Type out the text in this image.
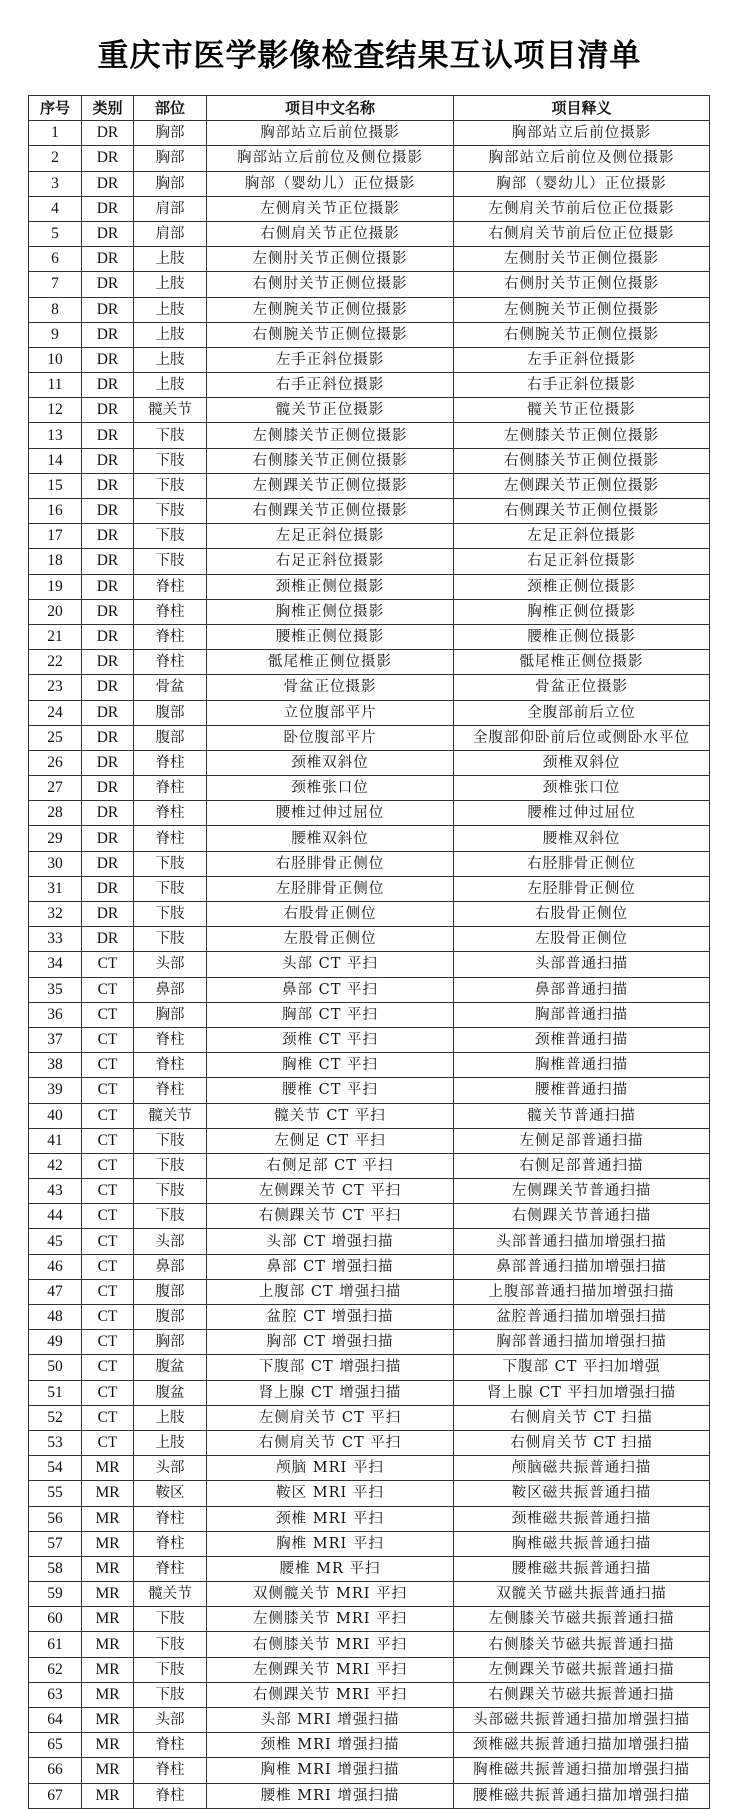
重庆市医学影像检查结果互认项目清单
序号	类别	部位	项目中文名称	项目释义
1	DR	胸部	胸部站立后前位摄影	胸部站立后前位摄影
2	DR	胸部	胸部站立后前位及侧位摄影	胸部站立后前位及侧位摄影
3	DR	胸部	胸部（婴幼儿）正位摄影	胸部（婴幼儿）正位摄影
4	DR	肩部	左侧肩关节正位摄影	左侧肩关节前后位正位摄影
5	DR	肩部	右侧肩关节正位摄影	右侧肩关节前后位正位摄影
6	DR	上肢	左侧肘关节正侧位摄影	左侧肘关节正侧位摄影
7	DR	上肢	右侧肘关节正侧位摄影	右侧肘关节正侧位摄影
8	DR	上肢	左侧腕关节正侧位摄影	左侧腕关节正侧位摄影
9	DR	上肢	右侧腕关节正侧位摄影	右侧腕关节正侧位摄影
10	DR	上肢	左手正斜位摄影	左手正斜位摄影
11	DR	上肢	右手正斜位摄影	右手正斜位摄影
12	DR	髋关节	髋关节正位摄影	髋关节正位摄影
13	DR	下肢	左侧膝关节正侧位摄影	左侧膝关节正侧位摄影
14	DR	下肢	右侧膝关节正侧位摄影	右侧膝关节正侧位摄影
15	DR	下肢	左侧踝关节正侧位摄影	左侧踝关节正侧位摄影
16	DR	下肢	右侧踝关节正侧位摄影	右侧踝关节正侧位摄影
17	DR	下肢	左足正斜位摄影	左足正斜位摄影
18	DR	下肢	右足正斜位摄影	右足正斜位摄影
19	DR	脊柱	颈椎正侧位摄影	颈椎正侧位摄影
20	DR	脊柱	胸椎正侧位摄影	胸椎正侧位摄影
21	DR	脊柱	腰椎正侧位摄影	腰椎正侧位摄影
22	DR	脊柱	骶尾椎正侧位摄影	骶尾椎正侧位摄影
23	DR	骨盆	骨盆正位摄影	骨盆正位摄影
24	DR	腹部	立位腹部平片	全腹部前后立位
25	DR	腹部	卧位腹部平片	全腹部仰卧前后位或侧卧水平位
26	DR	脊柱	颈椎双斜位	颈椎双斜位
27	DR	脊柱	颈椎张口位	颈椎张口位
28	DR	脊柱	腰椎过伸过屈位	腰椎过伸过屈位
29	DR	脊柱	腰椎双斜位	腰椎双斜位
30	DR	下肢	右胫腓骨正侧位	右胫腓骨正侧位
31	DR	下肢	左胫腓骨正侧位	左胫腓骨正侧位
32	DR	下肢	右股骨正侧位	右股骨正侧位
33	DR	下肢	左股骨正侧位	左股骨正侧位
34	CT	头部	头部 CT 平扫	头部普通扫描
35	CT	鼻部	鼻部 CT 平扫	鼻部普通扫描
36	CT	胸部	胸部 CT 平扫	胸部普通扫描
37	CT	脊柱	颈椎 CT 平扫	颈椎普通扫描
38	CT	脊柱	胸椎 CT 平扫	胸椎普通扫描
39	CT	脊柱	腰椎 CT 平扫	腰椎普通扫描
40	CT	髋关节	髋关节 CT 平扫	髋关节普通扫描
41	CT	下肢	左侧足 CT 平扫	左侧足部普通扫描
42	CT	下肢	右侧足部 CT 平扫	右侧足部普通扫描
43	CT	下肢	左侧踝关节 CT 平扫	左侧踝关节普通扫描
44	CT	下肢	右侧踝关节 CT 平扫	右侧踝关节普通扫描
45	CT	头部	头部 CT 增强扫描	头部普通扫描加增强扫描
46	CT	鼻部	鼻部 CT 增强扫描	鼻部普通扫描加增强扫描
47	CT	腹部	上腹部 CT 增强扫描	上腹部普通扫描加增强扫描
48	CT	腹部	盆腔 CT 增强扫描	盆腔普通扫描加增强扫描
49	CT	胸部	胸部 CT 增强扫描	胸部普通扫描加增强扫描
50	CT	腹盆	下腹部 CT 增强扫描	下腹部 CT 平扫加增强
51	CT	腹盆	肾上腺 CT 增强扫描	肾上腺 CT 平扫加增强扫描
52	CT	上肢	左侧肩关节 CT 平扫	右侧肩关节 CT 扫描
53	CT	上肢	右侧肩关节 CT 平扫	右侧肩关节 CT 扫描
54	MR	头部	颅脑 MRI 平扫	颅脑磁共振普通扫描
55	MR	鞍区	鞍区 MRI 平扫	鞍区磁共振普通扫描
56	MR	脊柱	颈椎 MRI 平扫	颈椎磁共振普通扫描
57	MR	脊柱	胸椎 MRI 平扫	胸椎磁共振普通扫描
58	MR	脊柱	腰椎 MR 平扫	腰椎磁共振普通扫描
59	MR	髋关节	双侧髋关节 MRI 平扫	双髋关节磁共振普通扫描
60	MR	下肢	左侧膝关节 MRI 平扫	左侧膝关节磁共振普通扫描
61	MR	下肢	右侧膝关节 MRI 平扫	右侧膝关节磁共振普通扫描
62	MR	下肢	左侧踝关节 MRI 平扫	左侧踝关节磁共振普通扫描
63	MR	下肢	右侧踝关节 MRI 平扫	右侧踝关节磁共振普通扫描
64	MR	头部	头部 MRI 增强扫描	头部磁共振普通扫描加增强扫描
65	MR	脊柱	颈椎 MRI 增强扫描	颈椎磁共振普通扫描加增强扫描
66	MR	脊柱	胸椎 MRI 增强扫描	胸椎磁共振普通扫描加增强扫描
67	MR	脊柱	腰椎 MRI 增强扫描	腰椎磁共振普通扫描加增强扫描
